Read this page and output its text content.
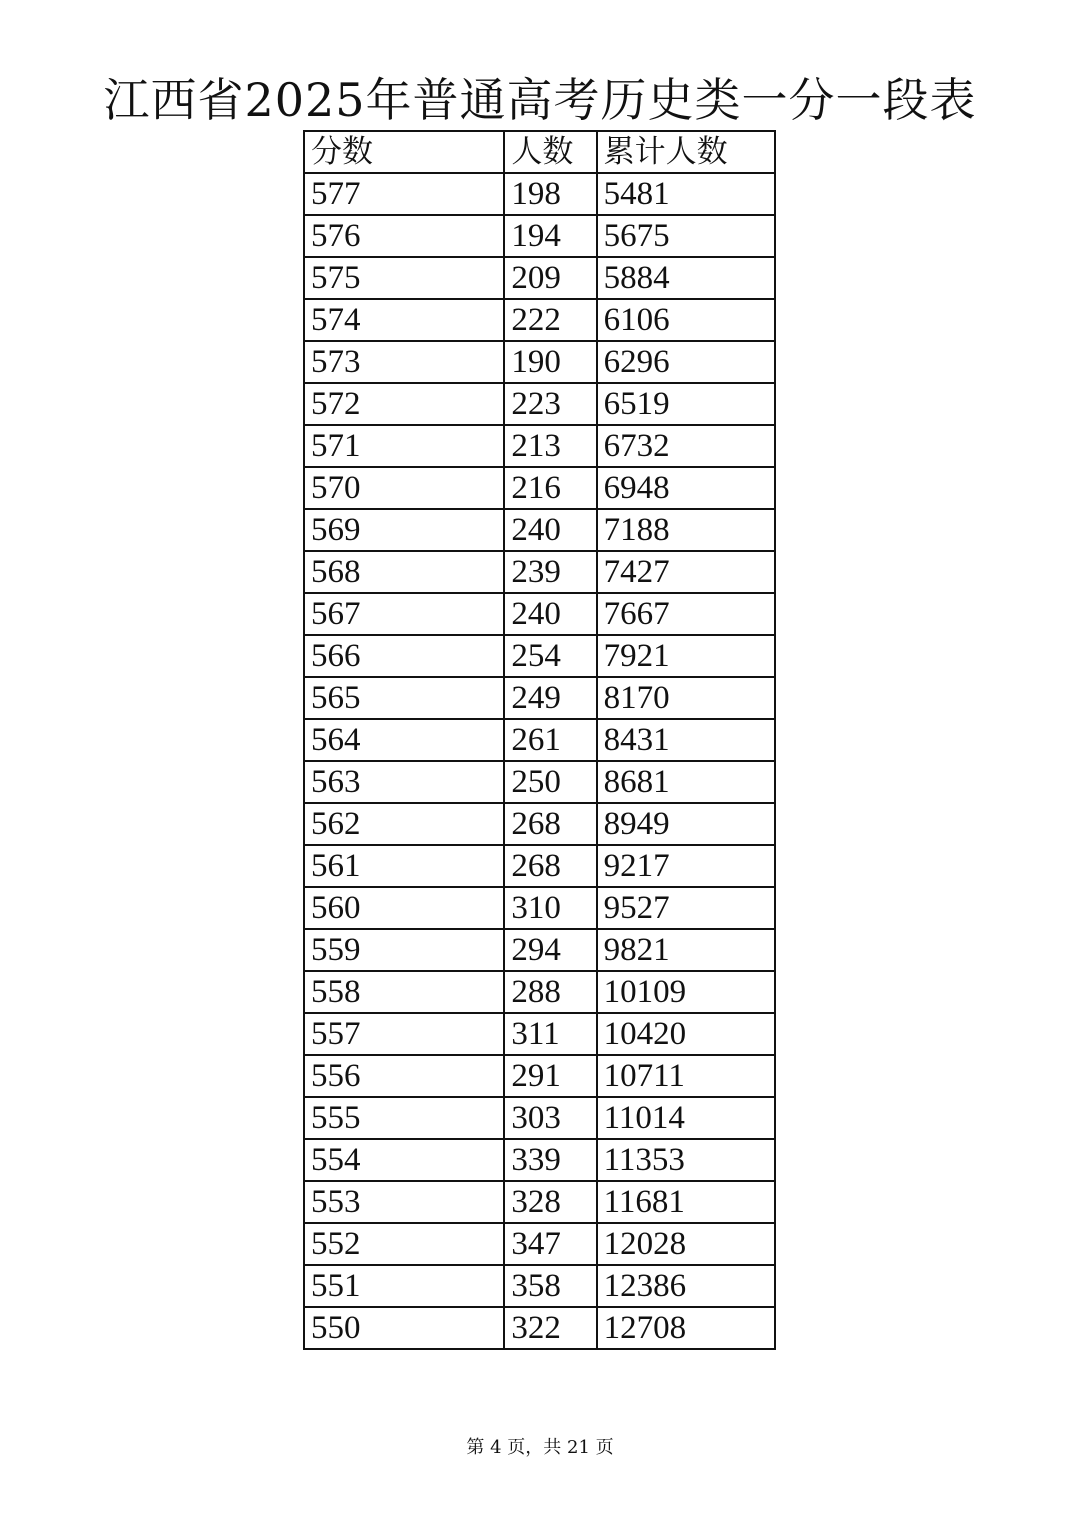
江西省2025年普通高考历史类一分一段表
分数	人数	累计人数
577	198	5481
576	194	5675
575	209	5884
574	222	6106
573	190	6296
572	223	6519
571	213	6732
570	216	6948
569	240	7188
568	239	7427
567	240	7667
566	254	7921
565	249	8170
564	261	8431
563	250	8681
562	268	8949
561	268	9217
560	310	9527
559	294	9821
558	288	10109
557	311	10420
556	291	10711
555	303	11014
554	339	11353
553	328	11681
552	347	12028
551	358	12386
550	322	12708
第 4 页，共 21 页
